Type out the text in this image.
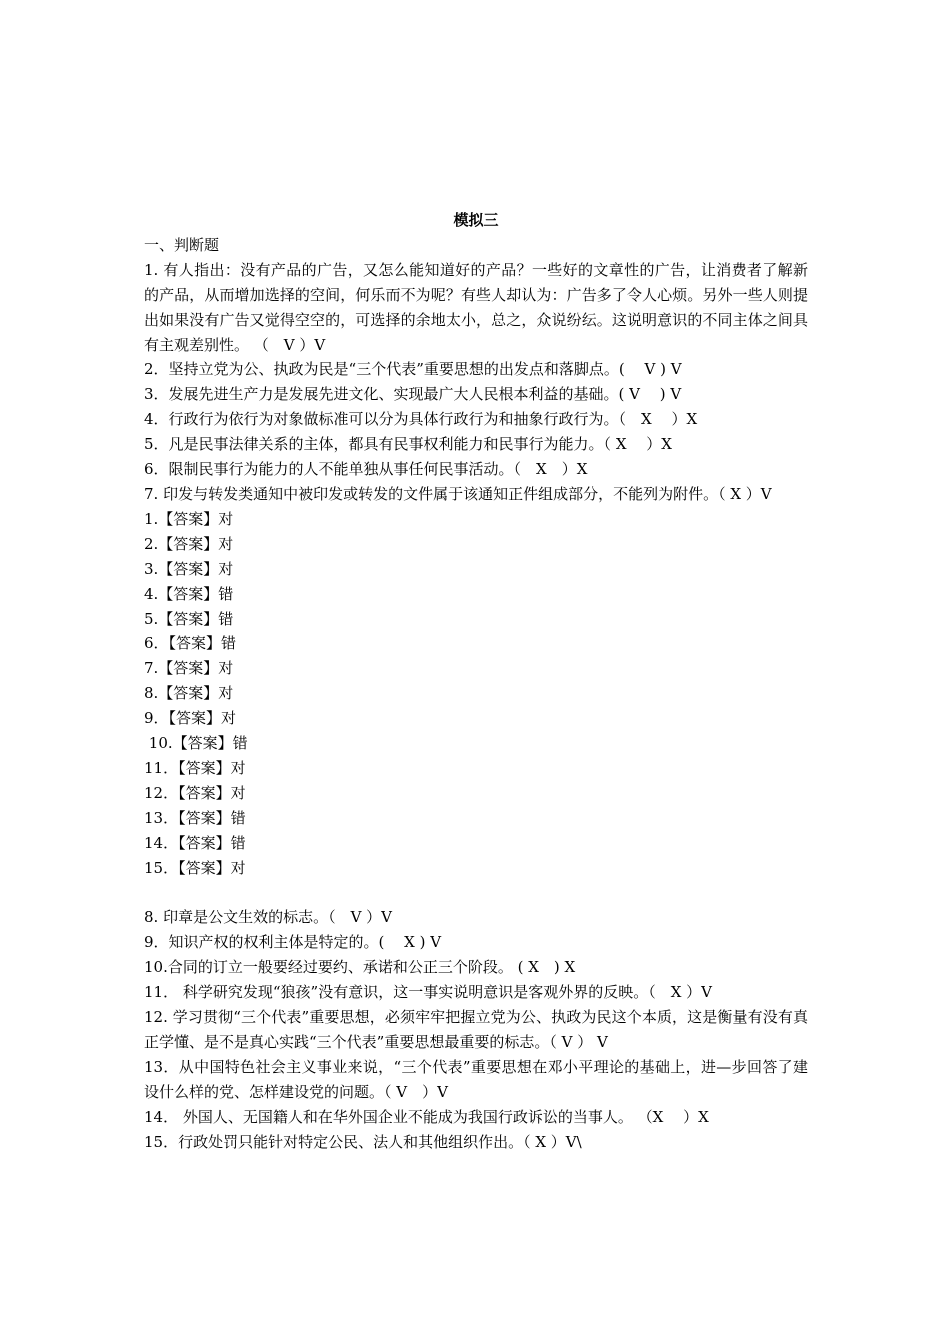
模拟三

一、判断题

1. 有人指出：没有产品的广告，又怎么能知道好的产品？一些好的文章性的广告，让消费者了解新的产品，从而增加选择的空间，何乐而不为呢？有些人却认为：广告多了令人心烦。另外一些人则提出如果没有广告又觉得空空的，可选择的余地太小，总之，众说纷纭。这说明意识的不同主体之间具有主观差别性。 （　V ）V

2．坚持立党为公、执政为民是“三个代表”重要思想的出发点和落脚点。(　 V ) V

3．发展先进生产力是发展先进文化、实现最广大人民根本利益的基础。( V　 ) V

4．行政行为依行为对象做标准可以分为具体行政行为和抽象行政行为。（　X　 ）X

5．凡是民事法律关系的主体，都具有民事权利能力和民事行为能力。（ X　 ）X

6．限制民事行为能力的人不能单独从事任何民事活动。（　X　）X

7. 印发与转发类通知中被印发或转发的文件属于该通知正件组成部分，不能列为附件。（ X ）V

1.【答案】对

2.【答案】对

3.【答案】对

4.【答案】错

5.【答案】错

6．【答案】错

7.【答案】对

8.【答案】对

9．【答案】对

10.【答案】错

11．【答案】对

12．【答案】对

13．【答案】错

14．【答案】错

15．【答案】对

8. 印章是公文生效的标志。（　V ）V

9．知识产权的权利主体是特定的。(　 X ) V

10.合同的订立一般要经过要约、承诺和公正三个阶段。 ( X　) X

11． 科学研究发现“狼孩”没有意识，这一事实说明意识是客观外界的反映。（　X ）V

12. 学习贯彻“三个代表”重要思想，必须牢牢把握立党为公、执政为民这个本质，这是衡量有没有真正学懂、是不是真心实践“三个代表”重要思想最重要的标志。（ V ） V

13．从中国特色社会主义事业来说，“三个代表”重要思想在邓小平理论的基础上，进—步回答了建设什么样的党、怎样建设党的问题。（ V　）V

14． 外国人、无国籍人和在华外国企业不能成为我国行政诉讼的当事人。 （X　 ）X

15．行政处罚只能针对特定公民、法人和其他组织作出。（ X ）V\
